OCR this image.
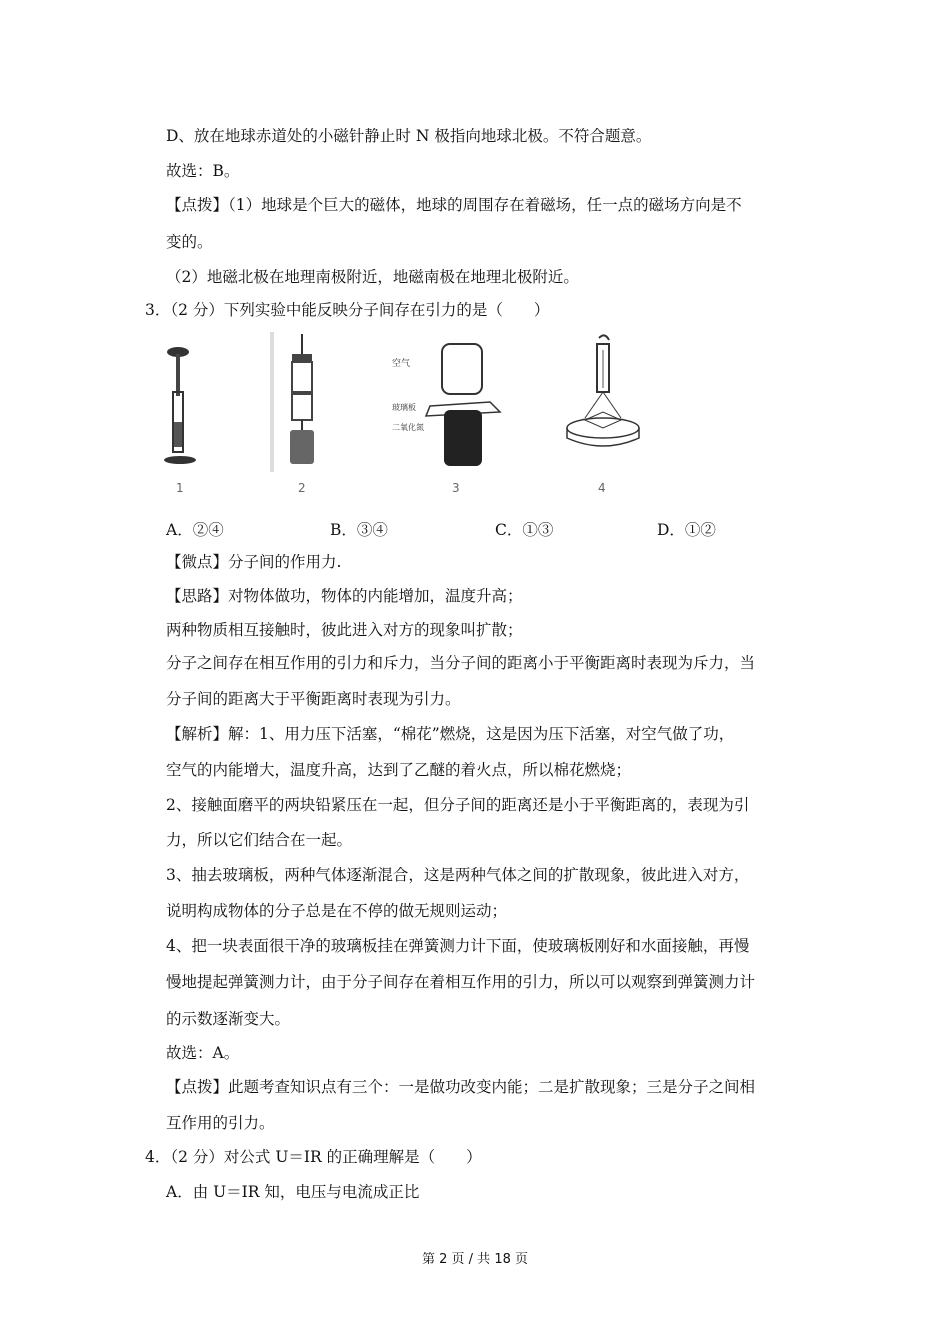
D、放在地球赤道处的小磁针静止时 N 极指向地球北极。不符合题意。
故选：B。
【点拨】（1）地球是个巨大的磁体，地球的周围存在着磁场，任一点的磁场方向是不
变的。
（2）地磁北极在地理南极附近，地磁南极在地理北极附近。
3．（2 分）下列实验中能反映分子间存在引力的是（　　）
1	2
空气
玻璃板
二氧化氮
3	4
A．②④	B．③④	C．①③	D．①②
【微点】分子间的作用力.
【思路】对物体做功，物体的内能增加，温度升高；
两种物质相互接触时，彼此进入对方的现象叫扩散；
分子之间存在相互作用的引力和斥力，当分子间的距离小于平衡距离时表现为斥力，当
分子间的距离大于平衡距离时表现为引力。
【解析】解：1、用力压下活塞，“棉花”燃烧，这是因为压下活塞，对空气做了功，
空气的内能增大，温度升高，达到了乙醚的着火点，所以棉花燃烧；
2、接触面磨平的两块铅紧压在一起，但分子间的距离还是小于平衡距离的，表现为引
力，所以它们结合在一起。
3、抽去玻璃板，两种气体逐渐混合，这是两种气体之间的扩散现象，彼此进入对方，
说明构成物体的分子总是在不停的做无规则运动；
4、把一块表面很干净的玻璃板挂在弹簧测力计下面，使玻璃板刚好和水面接触，再慢
慢地提起弹簧测力计，由于分子间存在着相互作用的引力，所以可以观察到弹簧测力计
的示数逐渐变大。
故选：A。
【点拨】此题考查知识点有三个：一是做功改变内能；二是扩散现象；三是分子之间相
互作用的引力。
4．（2 分）对公式 U＝IR 的正确理解是（　　）
A．由 U＝IR 知，电压与电流成正比
第 2 页 / 共 18 页
